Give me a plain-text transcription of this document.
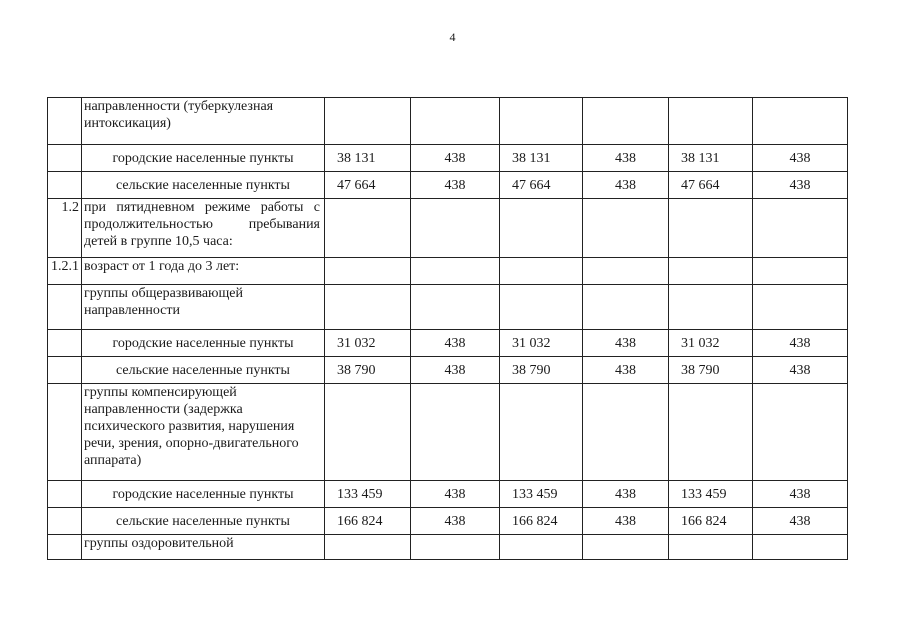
4
	направленности (туберкулезная интоксикация)						
	городские населенные пункты	38 131	438	38 131	438	38 131	438
	сельские населенные пункты	47 664	438	47 664	438	47 664	438
1.2	при пятидневном режиме работы с продолжительностью пребывания детей в группе 10,5 часа:						
1.2.1	возраст от 1 года до 3 лет:						
	группы общеразвивающей направленности						
	городские населенные пункты	31 032	438	31 032	438	31 032	438
	сельские населенные пункты	38 790	438	38 790	438	38 790	438
	группы компенсирующей направленности (задержка психического развития, нарушения речи, зрения, опорно-двигательного аппарата)						
	городские населенные пункты	133 459	438	133 459	438	133 459	438
	сельские населенные пункты	166 824	438	166 824	438	166 824	438
	группы оздоровительной						
